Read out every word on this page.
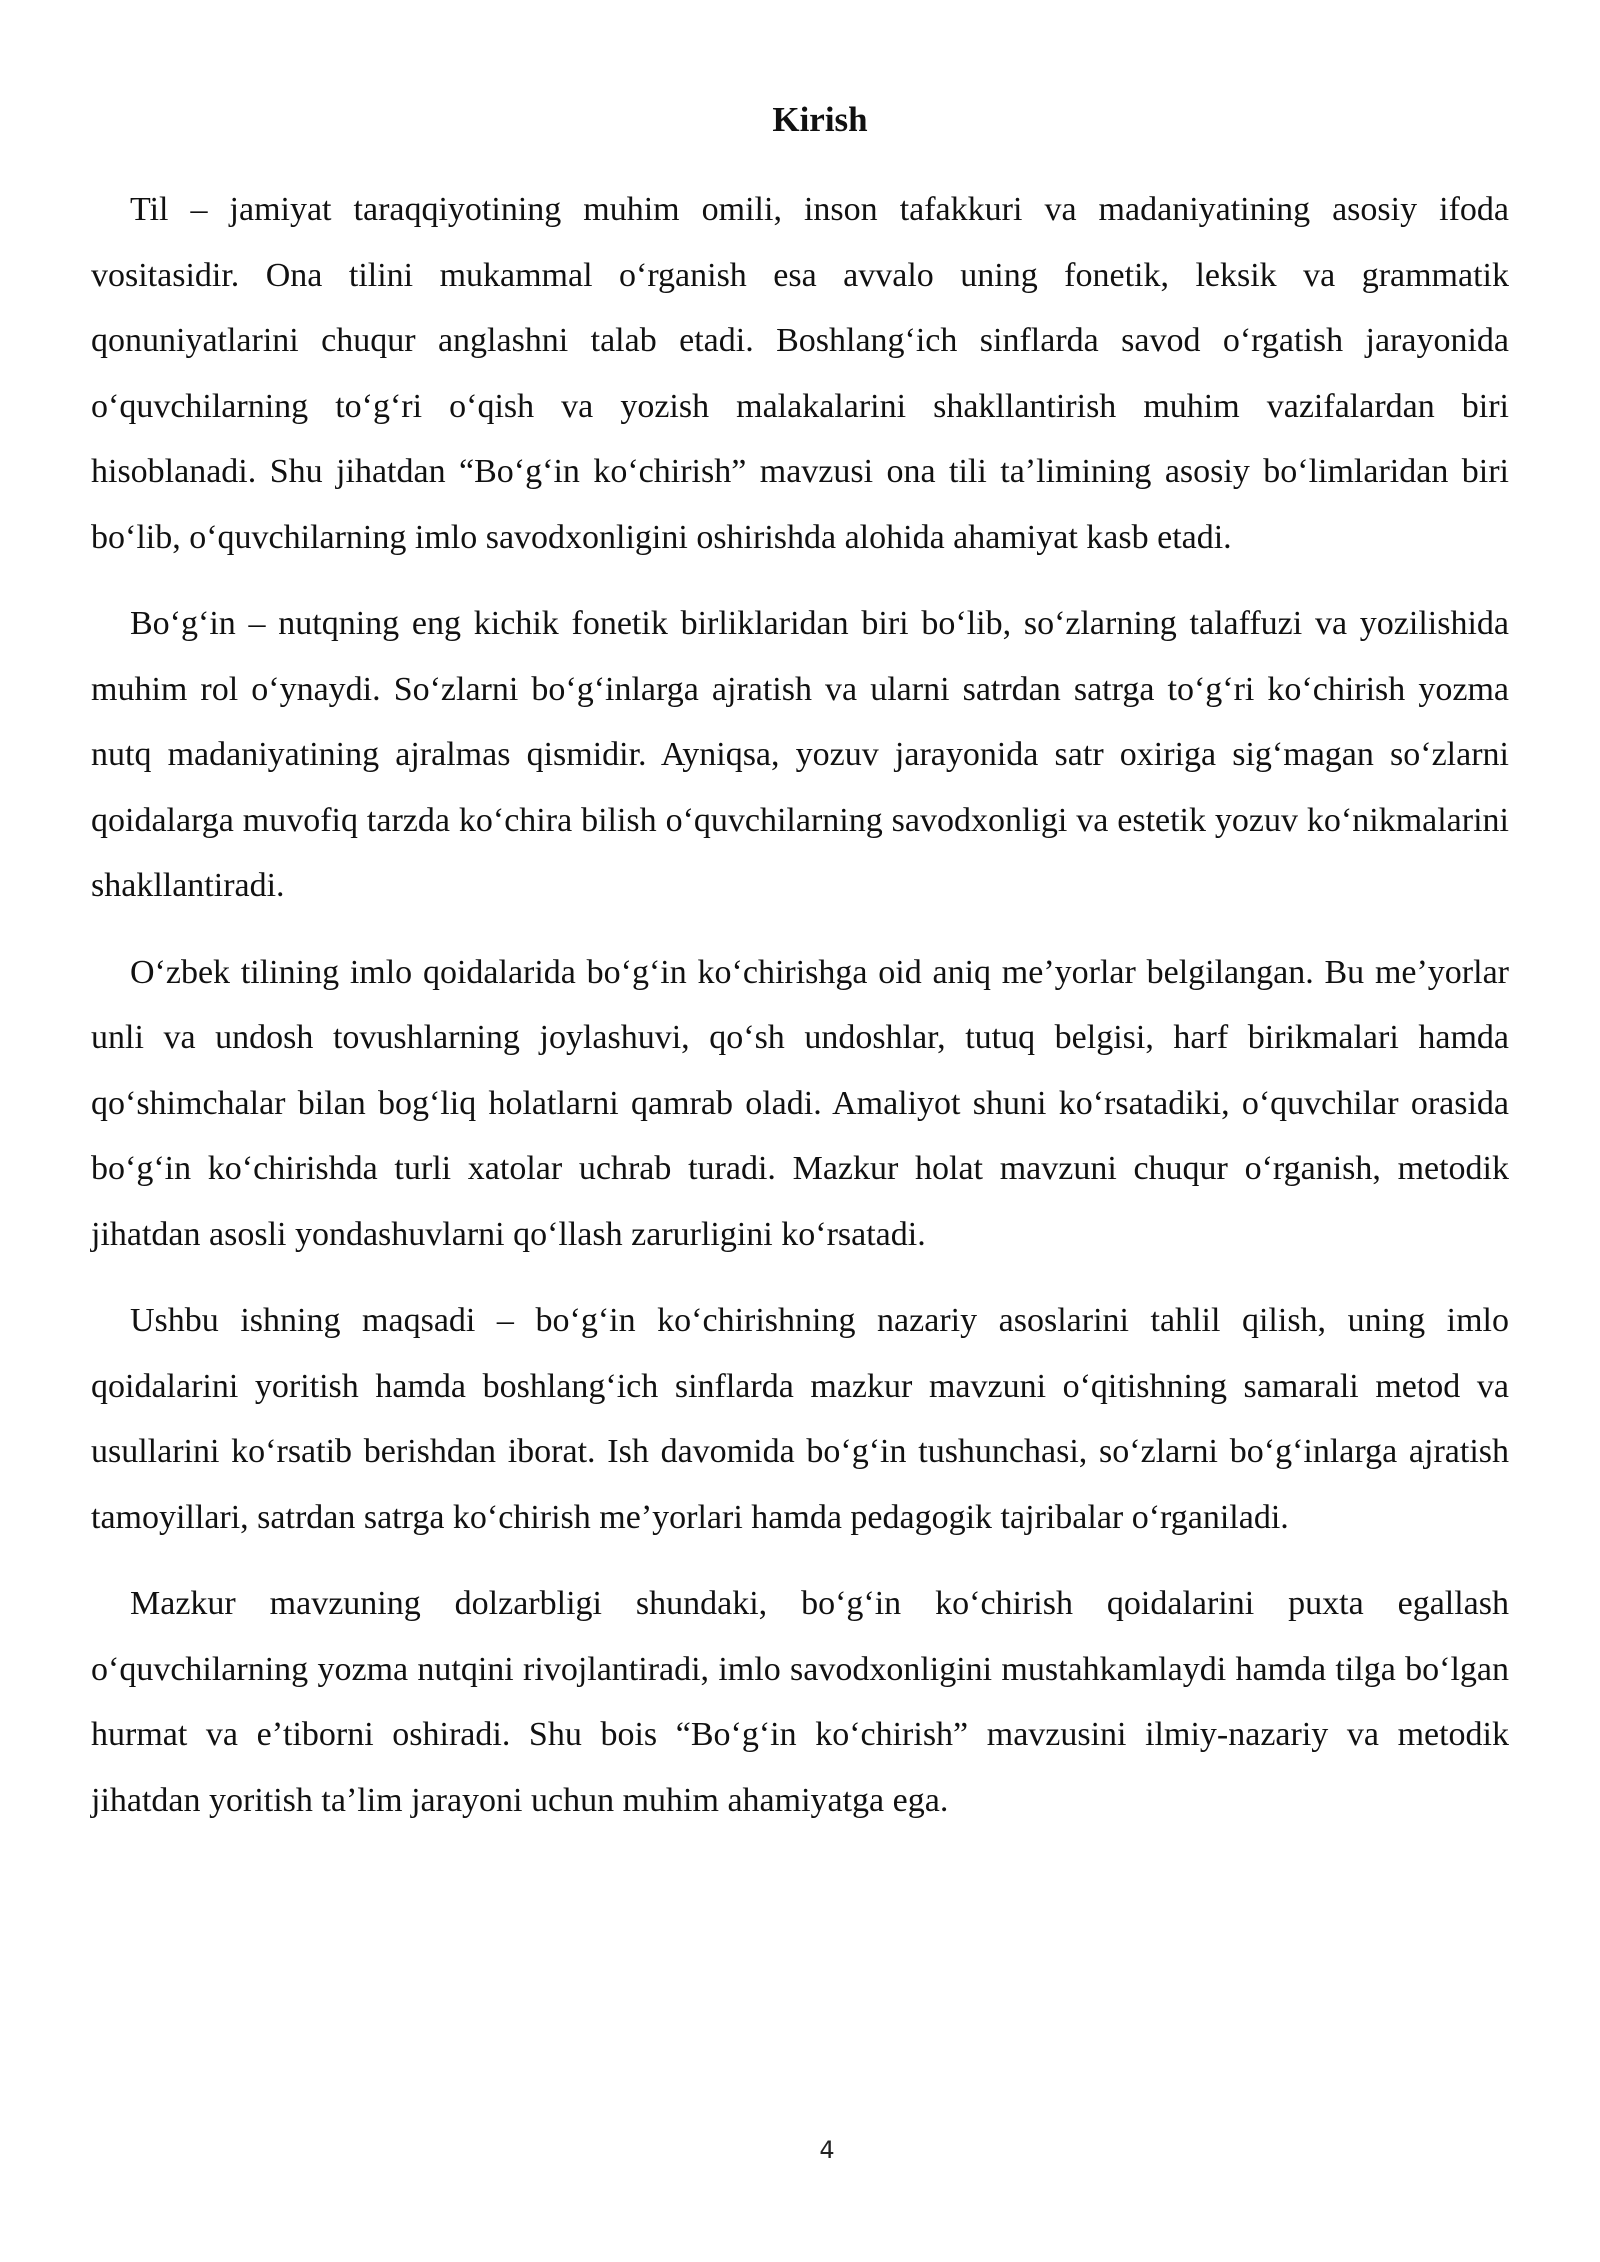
Kirish

Til – jamiyat taraqqiyotining muhim omili, inson tafakkuri va madaniyatining asosiy ifoda vositasidir. Ona tilini mukammal oʻrganish esa avvalo uning fonetik, leksik va grammatik qonuniyatlarini chuqur anglashni talab etadi. Boshlangʻich sinflarda savod oʻrgatish jarayonida oʻquvchilarning toʻgʻri oʻqish va yozish malakalarini shakllantirish muhim vazifalardan biri hisoblanadi. Shu jihatdan “Boʻgʻin koʻchirish” mavzusi ona tili taʼlimining asosiy boʻlimlaridan biri boʻlib, oʻquvchilarning imlo savodxonligini oshirishda alohida ahamiyat kasb etadi.

Boʻgʻin – nutqning eng kichik fonetik birliklaridan biri boʻlib, soʻzlarning talaffuzi va yozilishida muhim rol oʻynaydi. Soʻzlarni boʻgʻinlarga ajratish va ularni satrdan satrga toʻgʻri koʻchirish yozma nutq madaniyatining ajralmas qismidir. Ayniqsa, yozuv jarayonida satr oxiriga sigʻmagan soʻzlarni qoidalarga muvofiq tarzda koʻchira bilish oʻquvchilarning savodxonligi va estetik yozuv koʻnikmalarini shakllantiradi.

Oʻzbek tilining imlo qoidalarida boʻgʻin koʻchirishga oid aniq meʼyorlar belgilangan. Bu meʼyorlar unli va undosh tovushlarning joylashuvi, qoʻsh undoshlar, tutuq belgisi, harf birikmalari hamda qoʻshimchalar bilan bogʻliq holatlarni qamrab oladi. Amaliyot shuni koʻrsatadiki, oʻquvchilar orasida boʻgʻin koʻchirishda turli xatolar uchrab turadi. Mazkur holat mavzuni chuqur oʻrganish, metodik jihatdan asosli yondashuvlarni qoʻllash zarurligini koʻrsatadi.

Ushbu ishning maqsadi – boʻgʻin koʻchirishning nazariy asoslarini tahlil qilish, uning imlo qoidalarini yoritish hamda boshlangʻich sinflarda mazkur mavzuni oʻqitishning samarali metod va usullarini koʻrsatib berishdan iborat. Ish davomida boʻgʻin tushunchasi, soʻzlarni boʻgʻinlarga ajratish tamoyillari, satrdan satrga koʻchirish meʼyorlari hamda pedagogik tajribalar oʻrganiladi.

Mazkur mavzuning dolzarbligi shundaki, boʻgʻin koʻchirish qoidalarini puxta egallash oʻquvchilarning yozma nutqini rivojlantiradi, imlo savodxonligini mustahkamlaydi hamda tilga boʻlgan hurmat va eʼtiborni oshiradi. Shu bois “Boʻgʻin koʻchirish” mavzusini ilmiy-nazariy va metodik jihatdan yoritish taʼlim jarayoni uchun muhim ahamiyatga ega.

4
